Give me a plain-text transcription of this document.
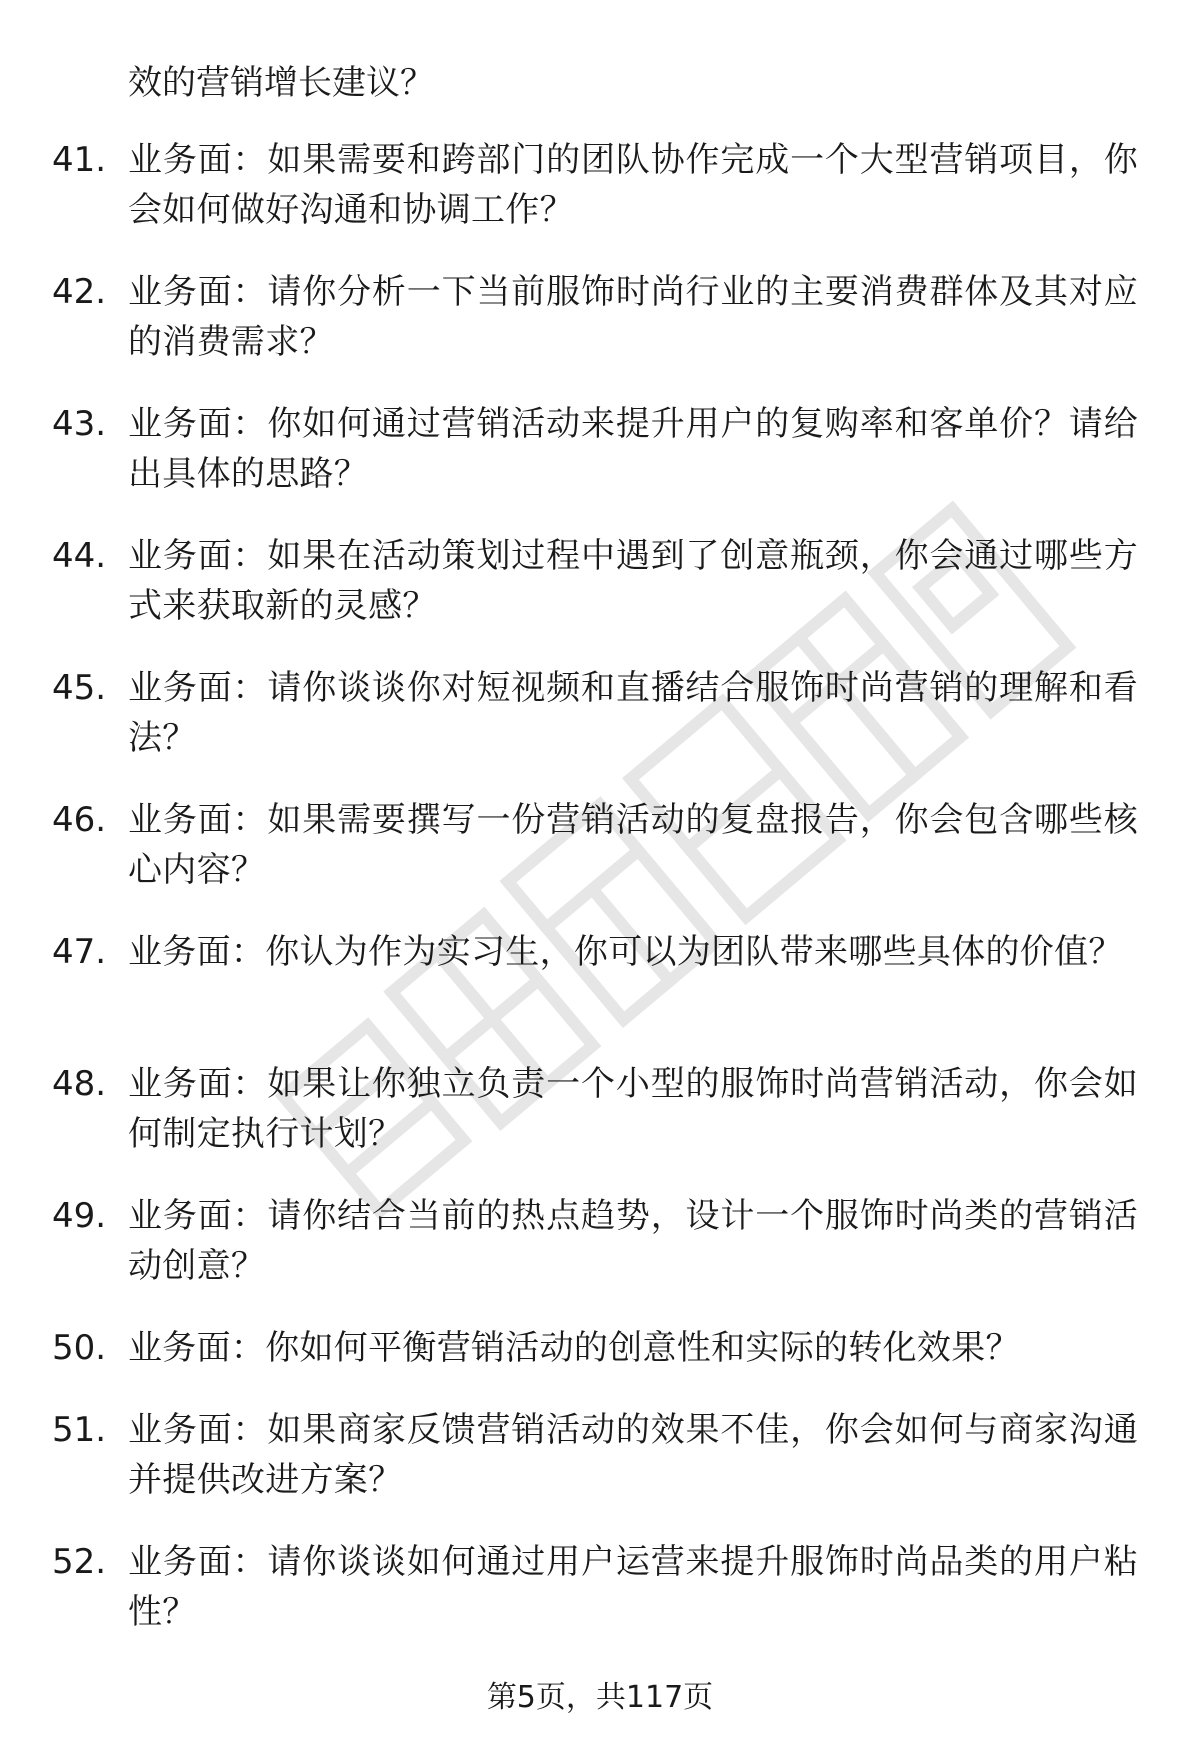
效的营销增长建议？
41. 业务面：如果需要和跨部门的团队协作完成一个大型营销项目，你会如何做好沟通和协调工作？
42. 业务面：请你分析一下当前服饰时尚行业的主要消费群体及其对应的消费需求？
43. 业务面：你如何通过营销活动来提升用户的复购率和客单价？请给出具体的思路？
44. 业务面：如果在活动策划过程中遇到了创意瓶颈，你会通过哪些方式来获取新的灵感？
45. 业务面：请你谈谈你对短视频和直播结合服饰时尚营销的理解和看法？
46. 业务面：如果需要撰写一份营销活动的复盘报告，你会包含哪些核心内容？
47. 业务面：你认为作为实习生，你可以为团队带来哪些具体的价值？
48. 业务面：如果让你独立负责一个小型的服饰时尚营销活动，你会如何制定执行计划？
49. 业务面：请你结合当前的热点趋势，设计一个服饰时尚类的营销活动创意？
50. 业务面：你如何平衡营销活动的创意性和实际的转化效果？
51. 业务面：如果商家反馈营销活动的效果不佳，你会如何与商家沟通并提供改进方案？
52. 业务面：请你谈谈如何通过用户运营来提升服饰时尚品类的用户粘性？
第5页，共117页
